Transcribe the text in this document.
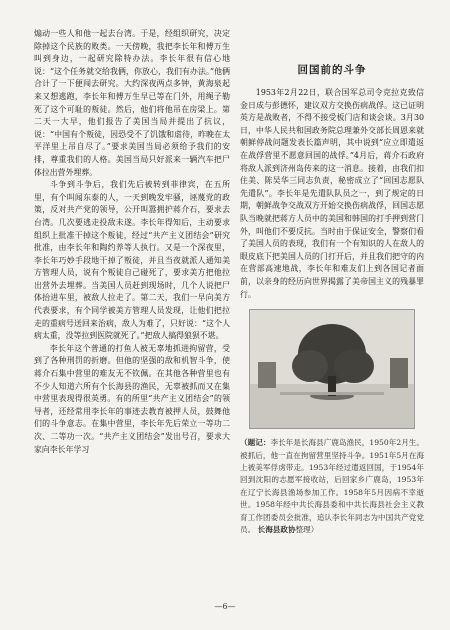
煽动一些人和他一起去台湾。于是，经组织研究，决定除掉这个民族的败类。一天傍晚，我把李长年和傅万生叫到身边，一起研究除特办法。李长年很有信心地说：“这个任务就交给我俩，你放心，我们有办法。”他俩合计了一下便闯去研究。大约深夜两点多钟，黄海泉起来又想逃跑，李长年和傅万生早已等在门外，用绳子勒死了这个可耻的叛徒。然后，他们将他吊在房梁上。第二天一大早，他们报告了美国当局并提出了抗议，说：“中国有个叛徒，因恐受不了饥饿和虐待，昨晚在太平洋里上吊自尽了。”要求美国当局必须给予我们的安排，尊重我们的人格。美国当局只好派来一辆汽车把尸体拉出营外埋葬。

斗争到斗争后，我们先后被转到菲律宾，在五所里，有个叫闻东泰的人，一天到晚发牢骚，诬蔑党的政策，反对共产党的领导，公开叫嚣拥护蒋介石，要求去台湾。几次要逃走投敌未遂。李长年得知后，主动要求组织上批准干掉这个叛徒，经过“共产主义团结会”研究批准，由李长年和陶约养等人执行。又是一个深夜里，李长年巧妙手段地干掉了叛徒，并且当夜就派人通知美方管理人员，说有个叛徒自己碰死了，要求美方把他拉出营外去埋葬。当美国人员赶到现场时，几个人说把尸体抬进车里，被敌人拉走了。第二天，我们一早向美方代表要求，有个同学被美方管理人员发现，让他们把拉走的重病号送回来治病，敌人为难了，只好说：“这个人病太重，没等拉到医院就死了。”把敌人搞得狼狈不堪。

李长年这个普通的打鱼人被无辜地抓进拘留营，受到了各种刑罚的折磨。但他的坚强的敌和机智斗争，使蒋介石集中营里的难友无不钦佩。在其他各种营里也有不少人知道六所有个长海县的渔民，无辜被抓而又在集中营里表现得很英勇。有的所里“共产主义团结会”的领导者，还经常用李长年的事迹去教育被押人员，鼓舞他们的斗争意志。在集中营里，李长年先后荣立一等功二次、二等功一次。“共产主义团结会”发出号召，要求大家向李长年学习

回国前的斗争

1953年2月22日，联合国军总司令克拉克致信金日成与彭德怀，建议双方交换伤病战俘。这已证明英方是战败者，不得不接受板门店和谈会谈。3月30日，中华人民共和国政务院总理兼外交部长周恩来就朝鲜停战问题发表长篇声明，其中说到“应立即遣返在战俘营里不愿意回国的战俘。”4月后，蒋介石政府将敌人派到济州岛传来的这一消息。接着，由我们扣住美、陈吴华三同志负责，秘密成立了“回国志愿队先遣队”。李长年是先遣队队员之一，到了规定的日期，朝鲜战争交战双方开始交换伤病战俘，回国志愿队当晚就把蒋方人员中的美国和韩国的打手押到营门外，叫他们不要反抗。当时由于保证安全，警察们看了美国人员的表现，我们有一个有知识的人在敌人的眼皮底下把美国人员的门打开后，并且我们把守的内在营部高速地战，李长年和难友们上到各国记者面前，以亲身的经历向世界揭露了美帝国主义的残暴罪行。

（题记：李长年是长海县广鹿岛渔民，1950年2月生。被抓后，他一直在拘留营里坚持斗争。1951年5月在海上被美军俘虏带走。1953年经过遣返回国，于1954年回到沈阳的志愿军接收站，后回家乡广鹿岛，1953年在辽宁长海县渔场参加工作。1958年5月因病不幸逝世。1958年经中共长海县委和中共长海县社会主义教育工作团委员会批准，追认李长年同志为中国共产党党员。 长海县政协整理）
—6—
